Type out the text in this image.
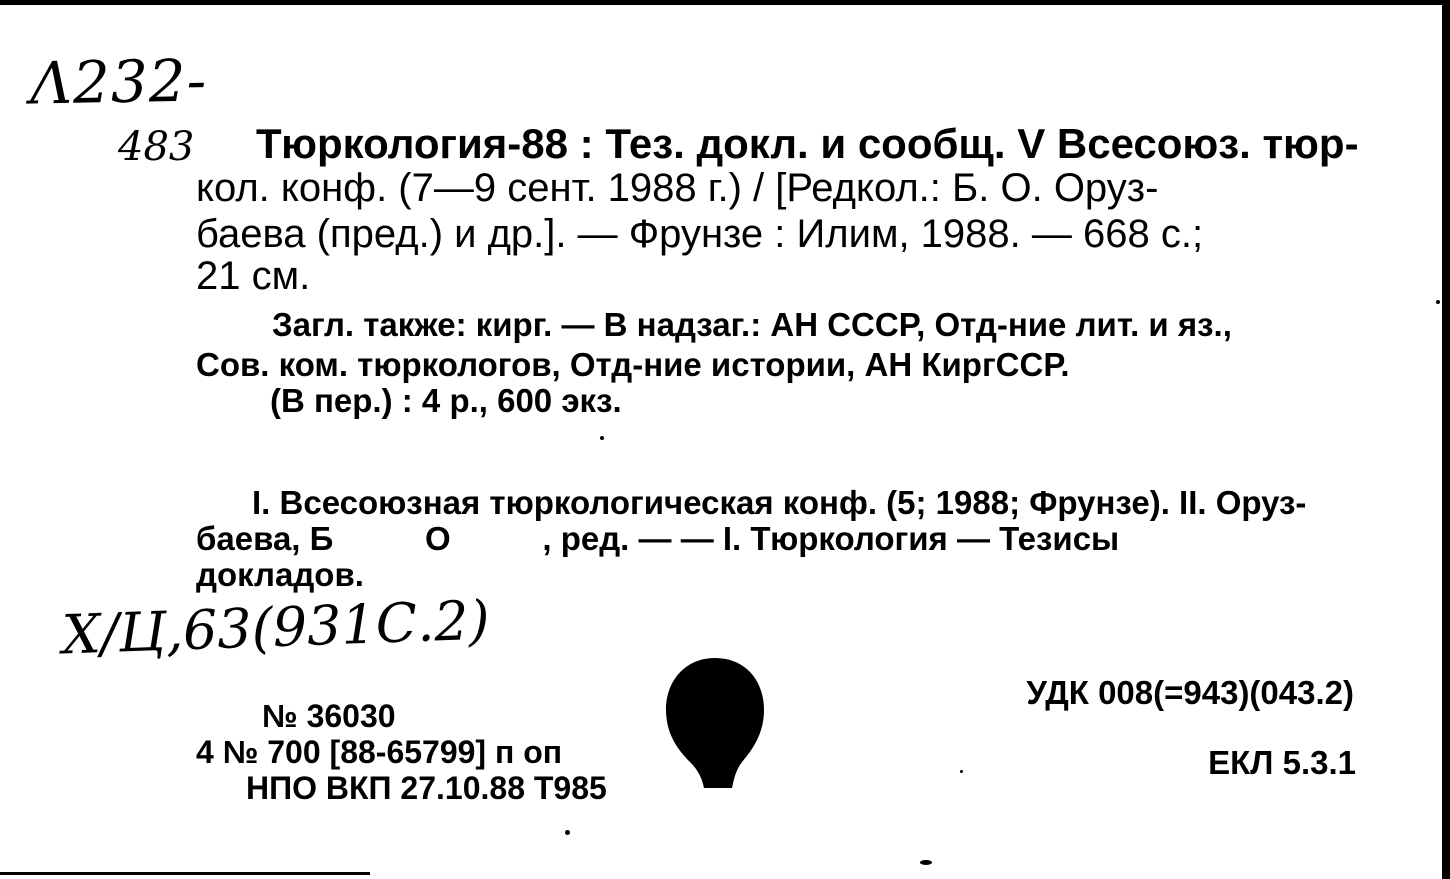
Λ232-
483 Тюркология-88 : Тез. докл. и сообщ. V Всесоюз. тюр-
кол. конф. (7—9 сент. 1988 г.) / [Редкол.: Б. О. Оруз-
баева (пред.) и др.]. — Фрунзе : Илим, 1988. — 668 с.;
21 см.
Загл. также: кирг. — В надзаг.: АН СССР, Отд-ние лит. и яз.,
Сов. ком. тюркологов, Отд-ние истории, АН КиргССР.
(В пер.) : 4 р., 600 экз.
I. Всесоюзная тюркологическая конф. (5; 1988; Фрунзе). II. Оруз-
баева, Б          О          , ред. — — I. Тюркология — Тезисы
докладов.
Х/Ц,63(931С.2)
№ 36030
4 № 700 [88-65799] п оп
НПО ВКП 27.10.88 Т985
УДК 008(=943)(043.2)
ЕКЛ 5.3.1
